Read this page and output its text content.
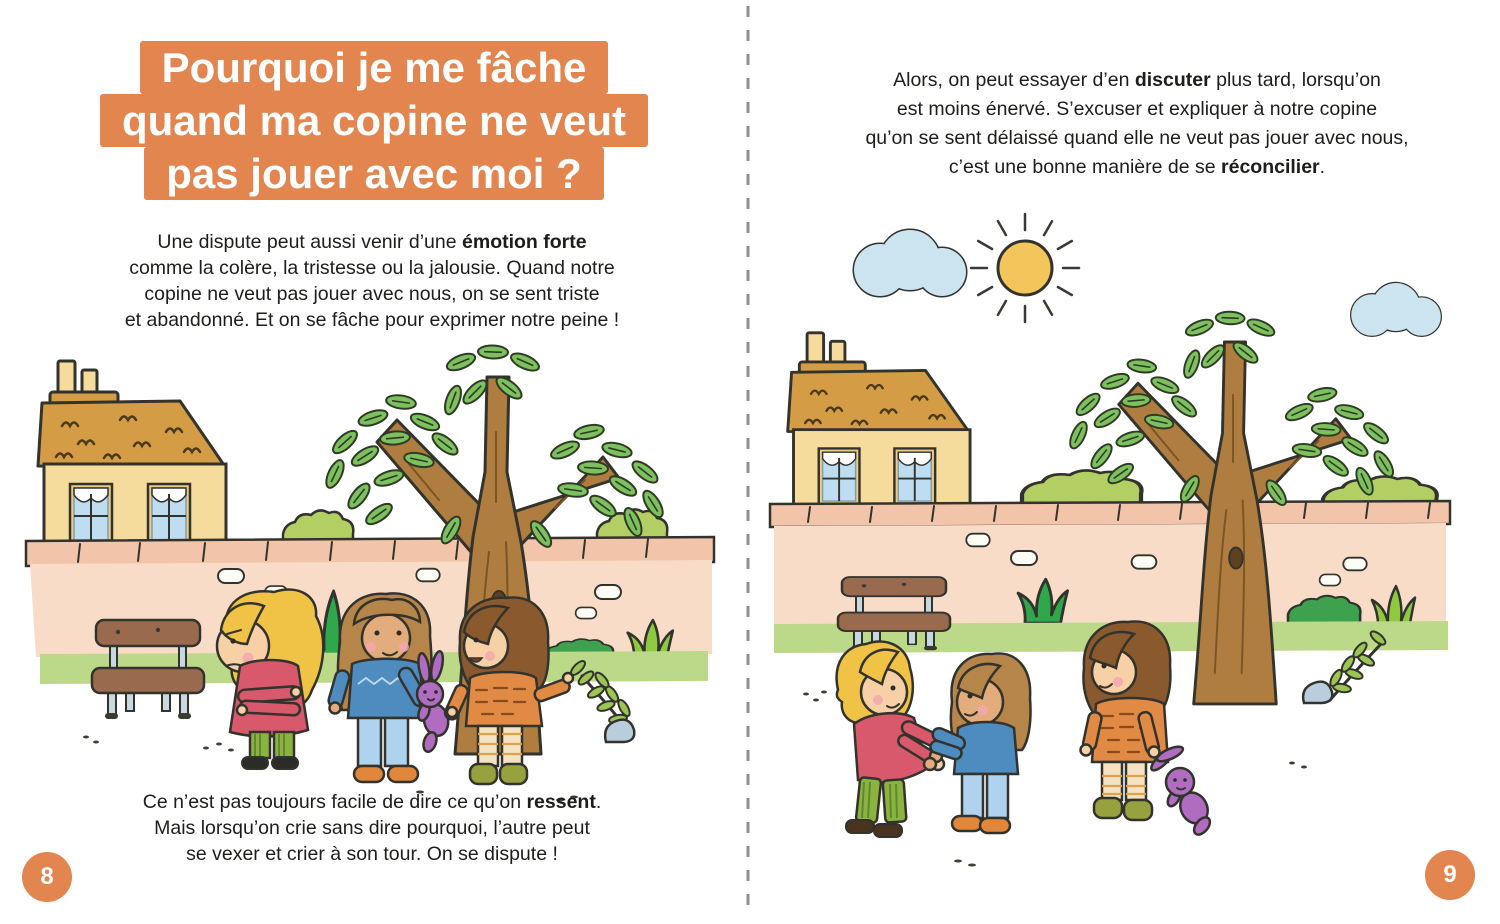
Pourquoi je me fâche
quand ma copine ne veut
pas jouer avec moi ?
Une dispute peut aussi venir d’une émotion forte
comme la colère, la tristesse ou la jalousie. Quand notre
copine ne veut pas jouer avec nous, on se sent triste
et abandonné. Et on se fâche pour exprimer notre peine !
Ce n’est pas toujours facile de dire ce qu’on ressent.
Mais lorsqu’on crie sans dire pourquoi, l’autre peut
se vexer et crier à son tour. On se dispute !
Alors, on peut essayer d’en discuter plus tard, lorsqu’on
est moins énervé. S’excuser et expliquer à notre copine
qu’on se sent délaissé quand elle ne veut pas jouer avec nous,
c’est une bonne manière de se réconcilier.
8	9
